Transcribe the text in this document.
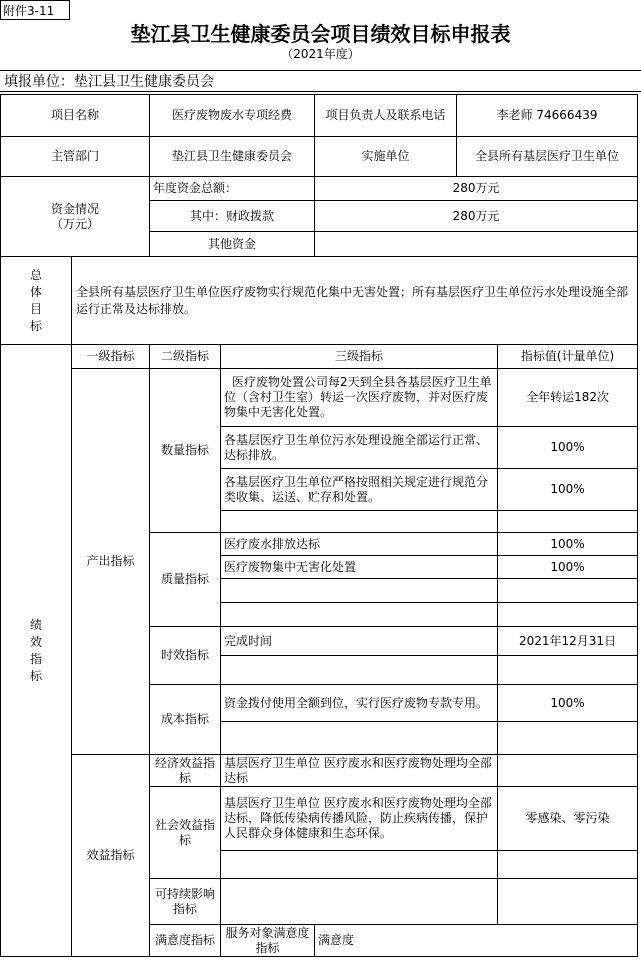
附件3-11
垫江县卫生健康委员会项目绩效目标申报表
（2021年度）
填报单位：垫江县卫生健康委员会
项目名称		医疗废物废水专项经费		项目负责人及联系电话	李老师 74666439		
主管部门		垫江县卫生健康委员会		实施单位	全县所有基层医疗卫生单位		
资金情况（万元）		年度资金总额：		280万元			
		其中：财政拨款		280万元			
		其他资金					
总体目标	全县所有基层医疗卫生单位医疗废物实行规范化集中无害处置；所有基层医疗卫生单位污水处理设施全部运行正常及达标排放。						
绩效指标	一级指标	二级指标	三级指标			指标值(计量单位)	
	产出指标	数量指标	医疗废物处置公司每2天到全县各基层医疗卫生单位（含村卫生室）转运一次医疗废物，并对医疗废物集中无害化处置。			全年转运182次	
			各基层医疗卫生单位污水处理设施全部运行正常、达标排放。			100%	
			各基层医疗卫生单位严格按照相关规定进行规范分类收集、运送、贮存和处置。			100%	

		质量指标	医疗废水排放达标			100%	
			医疗废物集中无害化处置			100%	

		时效指标	完成时间			2021年12月31日	

		成本指标	资金拨付使用全额到位，实行医疗废物专款专用。			100%	

	效益指标	经济效益指标	基层医疗卫生单位 医疗废水和医疗废物处理均全部达标				
		社会效益指标	基层医疗卫生单位 医疗废水和医疗废物处理均全部达标，降低传染病传播风险，防止疾病传播，保护人民群众身体健康和生态环保。			零感染、零污染	

		可持续影响指标					
		满意度指标	服务对象满意度指标	满意度	
